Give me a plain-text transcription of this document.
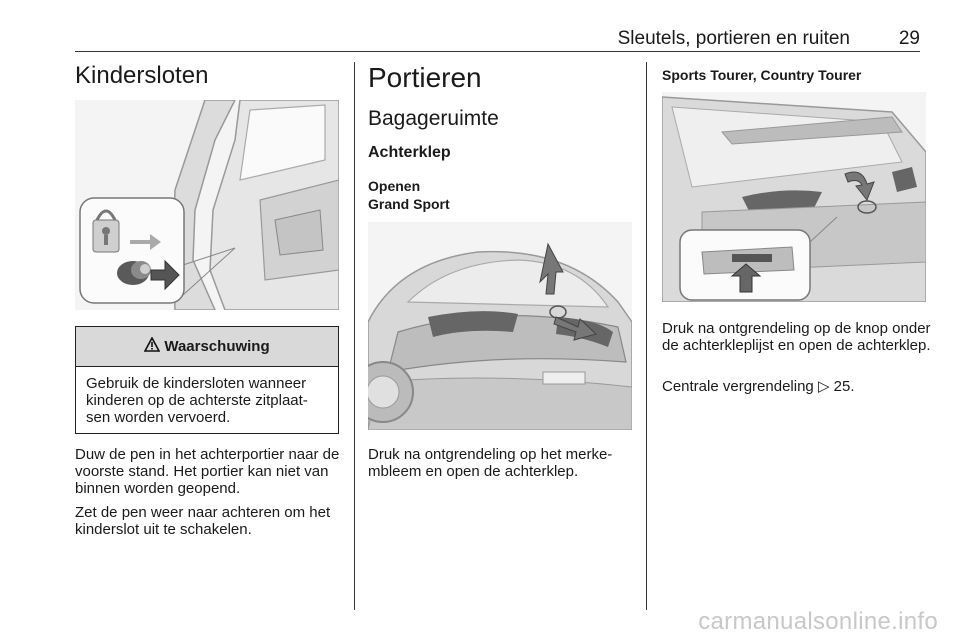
Sleutels, portieren en ruiten	29
Kindersloten
Waarschuwing
Gebruik de kindersloten wanneer kinderen op de achterste zitplaat-sen worden vervoerd.
Duw de pen in het achterportier naar de voorste stand. Het portier kan niet van binnen worden geopend.
Zet de pen weer naar achteren om het kinderslot uit te schakelen.
Portieren
Bagageruimte
Achterklep
Openen
Grand Sport
Druk na ontgrendeling op het merke-mbleem en open de achterklep.
Sports Tourer, Country Tourer
Druk na ontgrendeling op de knop onder de achterkleplijst en open de achterklep.
Centrale vergrendeling ▷ 25.
carmanualsonline.info
